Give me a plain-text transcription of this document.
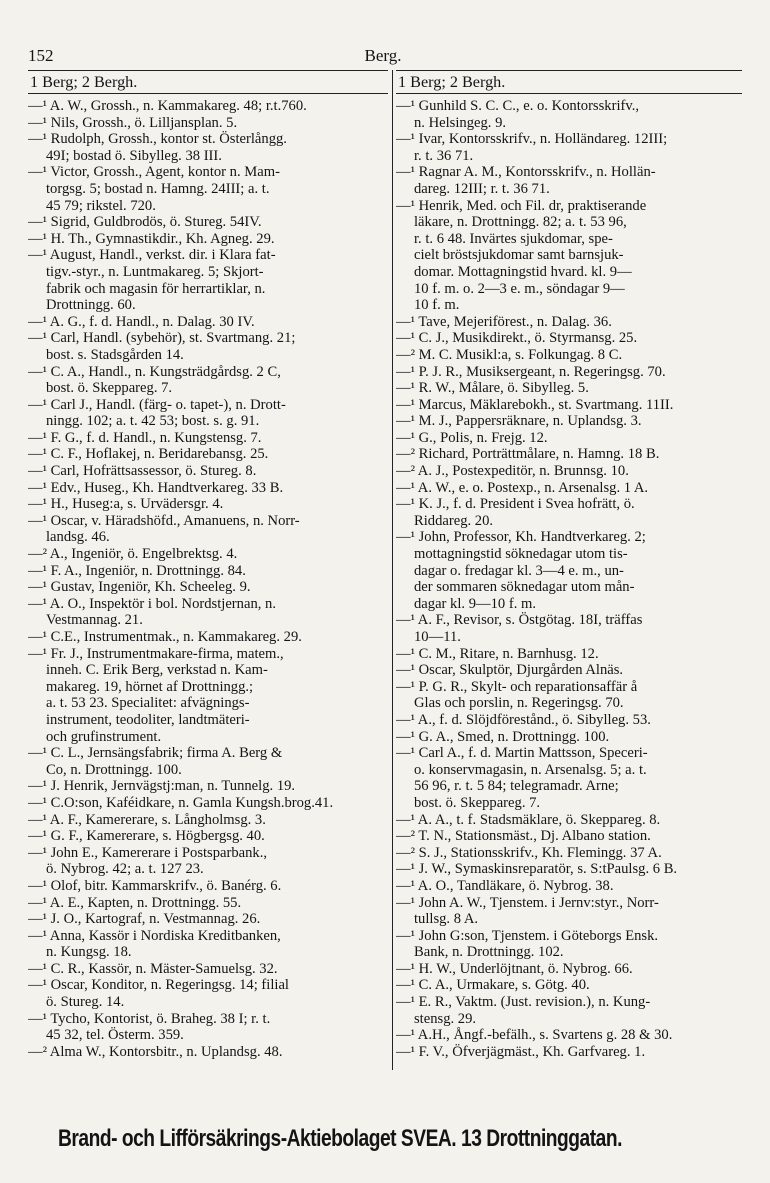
152	Berg.
1 Berg; 2 Bergh.
—¹ A. W., Grossh., n. Kammakareg. 48; r.t.760.
—¹ Nils, Grossh., ö. Lilljansplan. 5.
—¹ Rudolph, Grossh., kontor st. Österlångg.
49I; bostad ö. Sibylleg. 38 III.
—¹ Victor, Grossh., Agent, kontor n. Mam-
torgsg. 5; bostad n. Hamng. 24III; a. t.
45 79; rikstel. 720.
—¹ Sigrid, Guldbrodös, ö. Stureg. 54IV.
—¹ H. Th., Gymnastikdir., Kh. Agneg. 29.
—¹ August, Handl., verkst. dir. i Klara fat-
tigv.-styr., n. Luntmakareg. 5; Skjort-
fabrik och magasin för herrartiklar, n.
Drottningg. 60.
—¹ A. G., f. d. Handl., n. Dalag. 30 IV.
—¹ Carl, Handl. (sybehör), st. Svartmang. 21;
bost. s. Stadsgården 14.
—¹ C. A., Handl., n. Kungsträdgårdsg. 2 C,
bost. ö. Skeppareg. 7.
—¹ Carl J., Handl. (färg- o. tapet-), n. Drott-
ningg. 102; a. t. 42 53; bost. s. g. 91.
—¹ F. G., f. d. Handl., n. Kungstensg. 7.
—¹ C. F., Hoflakej, n. Beridarebansg. 25.
—¹ Carl, Hofrättsassessor, ö. Stureg. 8.
—¹ Edv., Huseg., Kh. Handtverkareg. 33 B.
—¹ H., Huseg:a, s. Urvädersgr. 4.
—¹ Oscar, v. Häradshöfd., Amanuens, n. Norr-
landsg. 46.
—² A., Ingeniör, ö. Engelbrektsg. 4.
—¹ F. A., Ingeniör, n. Drottningg. 84.
—¹ Gustav, Ingeniör, Kh. Scheeleg. 9.
—¹ A. O., Inspektör i bol. Nordstjernan, n.
Vestmannag. 21.
—¹ C.E., Instrumentmak., n. Kammakareg. 29.
—¹ Fr. J., Instrumentmakare-firma, matem.,
inneh. C. Erik Berg, verkstad n. Kam-
makareg. 19, hörnet af Drottningg.;
a. t. 53 23. Specialitet: afvägnings-
instrument, teodoliter, landtmäteri-
och grufinstrument.
—¹ C. L., Jernsängsfabrik; firma A. Berg &
Co, n. Drottningg. 100.
—¹ J. Henrik, Jernvägstj:man, n. Tunnelg. 19.
—¹ C.O:son, Kaféidkare, n. Gamla Kungsh.brog.41.
—¹ A. F., Kamererare, s. Långholmsg. 3.
—¹ G. F., Kamererare, s. Högbergsg. 40.
—¹ John E., Kamererare i Postsparbank.,
ö. Nybrog. 42; a. t. 127 23.
—¹ Olof, bitr. Kammarskrifv., ö. Banérg. 6.
—¹ A. E., Kapten, n. Drottningg. 55.
—¹ J. O., Kartograf, n. Vestmannag. 26.
—¹ Anna, Kassör i Nordiska Kreditbanken,
n. Kungsg. 18.
—¹ C. R., Kassör, n. Mäster-Samuelsg. 32.
—¹ Oscar, Konditor, n. Regeringsg. 14; filial
ö. Stureg. 14.
—¹ Tycho, Kontorist, ö. Braheg. 38 I; r. t.
45 32, tel. Österm. 359.
—² Alma W., Kontorsbitr., n. Uplandsg. 48.
1 Berg; 2 Bergh.
—¹ Gunhild S. C. C., e. o. Kontorsskrifv.,
n. Helsingeg. 9.
—¹ Ivar, Kontorsskrifv., n. Holländareg. 12III;
r. t. 36 71.
—¹ Ragnar A. M., Kontorsskrifv., n. Hollän-
dareg. 12III; r. t. 36 71.
—¹ Henrik, Med. och Fil. dr, praktiserande
läkare, n. Drottningg. 82; a. t. 53 96,
r. t. 6 48. Invärtes sjukdomar, spe-
cielt bröstsjukdomar samt barnsjuk-
domar. Mottagningstid hvard. kl. 9—
10 f. m. o. 2—3 e. m., söndagar 9—
10 f. m.
—¹ Tave, Mejeriförest., n. Dalag. 36.
—¹ C. J., Musikdirekt., ö. Styrmansg. 25.
—² M. C. Musikl:a, s. Folkungag. 8 C.
—¹ P. J. R., Musiksergeant, n. Regeringsg. 70.
—¹ R. W., Målare, ö. Sibylleg. 5.
—¹ Marcus, Mäklarebokh., st. Svartmang. 11II.
—¹ M. J., Pappersräknare, n. Uplandsg. 3.
—¹ G., Polis, n. Frejg. 12.
—² Richard, Porträttmålare, n. Hamng. 18 B.
—² A. J., Postexpeditör, n. Brunnsg. 10.
—¹ A. W., e. o. Postexp., n. Arsenalsg. 1 A.
—¹ K. J., f. d. President i Svea hofrätt, ö.
Riddareg. 20.
—¹ John, Professor, Kh. Handtverkareg. 2;
mottagningstid söknedagar utom tis-
dagar o. fredagar kl. 3—4 e. m., un-
der sommaren söknedagar utom mån-
dagar kl. 9—10 f. m.
—¹ A. F., Revisor, s. Östgötag. 18I, träffas
10—11.
—¹ C. M., Ritare, n. Barnhusg. 12.
—¹ Oscar, Skulptör, Djurgården Alnäs.
—¹ P. G. R., Skylt- och reparationsaffär å
Glas och porslin, n. Regeringsg. 70.
—¹ A., f. d. Slöjdförestånd., ö. Sibylleg. 53.
—¹ G. A., Smed, n. Drottningg. 100.
—¹ Carl A., f. d. Martin Mattsson, Speceri-
o. konservmagasin, n. Arsenalsg. 5; a. t.
56 96, r. t. 5 84; telegramadr. Arne;
bost. ö. Skeppareg. 7.
—¹ A. A., t. f. Stadsmäklare, ö. Skeppareg. 8.
—² T. N., Stationsmäst., Dj. Albano station.
—² S. J., Stationsskrifv., Kh. Flemingg. 37 A.
—¹ J. W., Symaskinsreparatör, s. S:tPaulsg. 6 B.
—¹ A. O., Tandläkare, ö. Nybrog. 38.
—¹ John A. W., Tjenstem. i Jernv:styr., Norr-
tullsg. 8 A.
—¹ John G:son, Tjenstem. i Göteborgs Ensk.
Bank, n. Drottningg. 102.
—¹ H. W., Underlöjtnant, ö. Nybrog. 66.
—¹ C. A., Urmakare, s. Götg. 40.
—¹ E. R., Vaktm. (Just. revision.), n. Kung-
stensg. 29.
—¹ A.H., Ångf.-befälh., s. Svartens g. 28 & 30.
—¹ F. V., Öfverjägmäst., Kh. Garfvareg. 1.
Brand- och Lifförsäkrings-Aktiebolaget SVEA. 13 Drottninggatan.
